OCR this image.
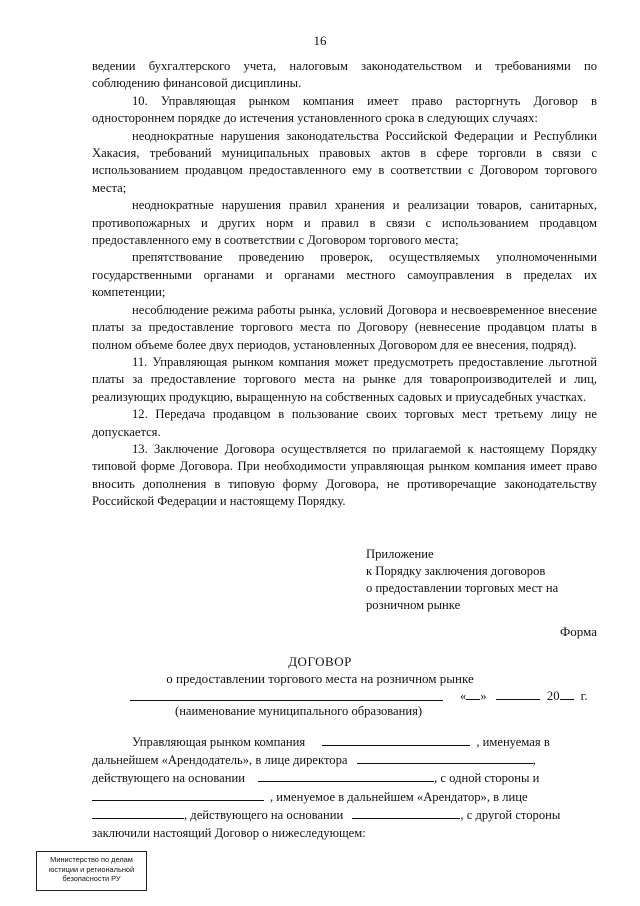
16

ведении бухгалтерского учета, налоговым законодательством и требованиями по соблюдению финансовой дисциплины.

10. Управляющая рынком компания имеет право расторгнуть Договор в одностороннем порядке до истечения установленного срока в следующих случаях:

неоднократные нарушения законодательства Российской Федерации и Республики Хакасия, требований муниципальных правовых актов в сфере торговли в связи с использованием продавцом предоставленного ему в соответствии с Договором торгового места;

неоднократные нарушения правил хранения и реализации товаров, санитарных, противопожарных и других норм и правил в связи с использованием продавцом предоставленного ему в соответствии с Договором торгового места;

препятствование проведению проверок, осуществляемых уполномоченными государственными органами и органами местного самоуправления в пределах их компетенции;

несоблюдение режима работы рынка, условий Договора и несвоевременное внесение платы за предоставление торгового места по Договору (невнесение продавцом платы в полном объеме более двух периодов, установленных Договором для ее внесения, подряд).

11. Управляющая рынком компания может предусмотреть предоставление льготной платы за предоставление торгового места на рынке для товаропроизводителей и лиц, реализующих продукцию, выращенную на собственных садовых и приусадебных участках.

12. Передача продавцом в пользование своих торговых мест третьему лицу не допускается.

13. Заключение Договора осуществляется по прилагаемой к настоящему Порядку типовой форме Договора. При необходимости управляющая рынком компания имеет право вносить дополнения в типовую форму Договора, не противоречащие законодательству Российской Федерации и настоящему Порядку.

Приложение
к Порядку заключения договоров
о предоставлении торговых мест на
розничном рынке
Форма
ДОГОВОР
о предоставлении торгового места на розничном рынке
« »	20 г.
(наименование муниципального образования)

Управляющая рынком компания	, именуемая в

дальнейшем «Арендодатель», в лице директора	,

действующего на основании	, с одной стороны и

, именуемое в дальнейшем «Арендатор», в лице

, действующего на основании	, с другой стороны

заключили настоящий Договор о нижеследующем:

Министерство по делам
юстиции и региональной
безопасности РУ
